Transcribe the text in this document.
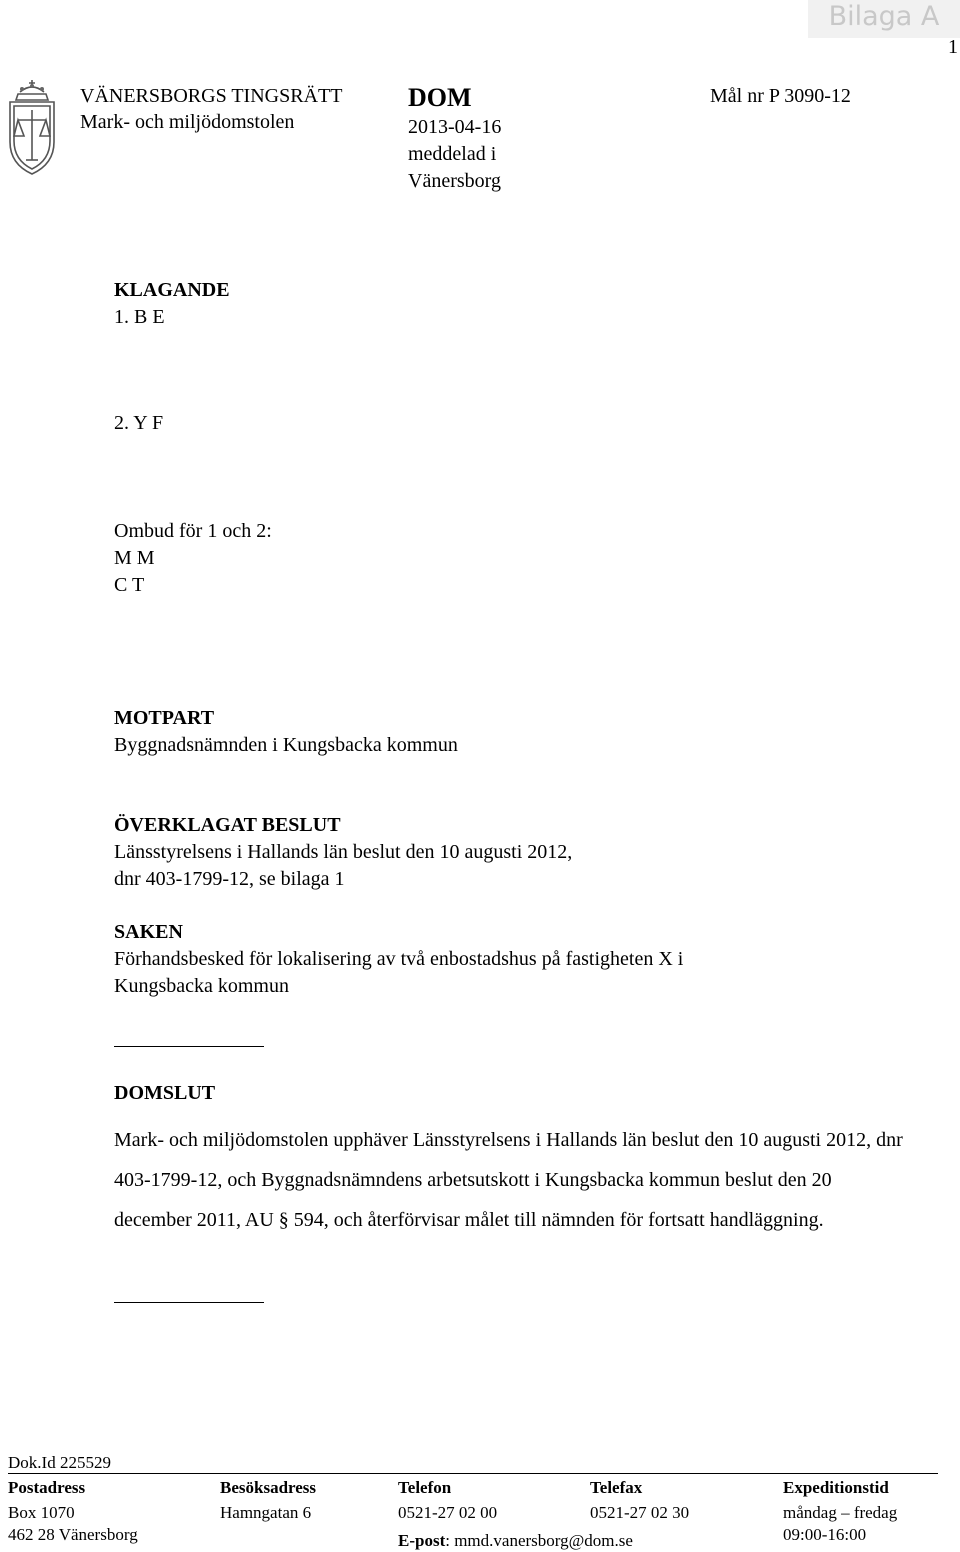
Bilaga A
1
VÄNERSBORGS TINGSRÄTT
Mark- och miljödomstolen
DOM
2013-04-16
meddelad i
Vänersborg
Mål nr P 3090-12
KLAGANDE
1. B E
2. Y F
Ombud för 1 och 2:
M M
C T
MOTPART
Byggnadsnämnden i Kungsbacka kommun
ÖVERKLAGAT BESLUT
Länsstyrelsens i Hallands län beslut den 10 augusti 2012,
dnr 403-1799-12, se bilaga 1
SAKEN
Förhandsbesked för lokalisering av två enbostadshus på fastigheten X i
Kungsbacka kommun
DOMSLUT
Mark- och miljödomstolen upphäver Länsstyrelsens i Hallands län beslut den 10 augusti 2012, dnr 403-1799-12, och Byggnadsnämndens arbetsutskott i Kungsbacka kommun beslut den 20 december 2011, AU § 594, och återförvisar målet till nämnden för fortsatt handläggning.
Dok.Id 225529
Postadress
Box 1070
462 28 Vänersborg
Besöksadress
Hamngatan 6
Telefon
0521-27 02 00
E-post: mmd.vanersborg@dom.se
Telefax
0521-27 02 30
Expeditionstid
måndag – fredag
09:00-16:00
